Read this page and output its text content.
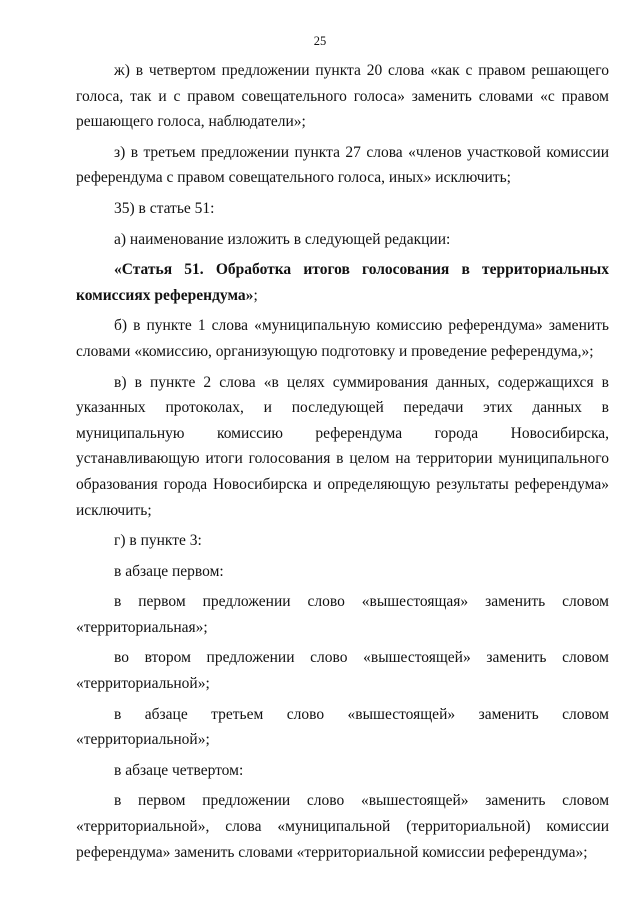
25

ж) в четвертом предложении пункта 20 слова «как с правом решающего голоса, так и с правом совещательного голоса» заменить словами «с правом решающего голоса, наблюдатели»;

з) в третьем предложении пункта 27 слова «членов участковой комиссии референдума с правом совещательного голоса, иных» исключить;

35) в статье 51:

а) наименование изложить в следующей редакции:

«Статья 51. Обработка итогов голосования в территориальных комиссиях референдума»;

б) в пункте 1 слова «муниципальную комиссию референдума» заменить словами «комиссию, организующую подготовку и проведение референдума,»;

в) в пункте 2 слова «в целях суммирования данных, содержащихся в указанных протоколах, и последующей передачи этих данных в муниципальную комиссию референдума города Новосибирска, устанавливающую итоги голосования в целом на территории муниципального образования города Новосибирска и определяющую результаты референдума» исключить;

г) в пункте 3:

в абзаце первом:

в первом предложении слово «вышестоящая» заменить словом «территориальная»;

во втором предложении слово «вышестоящей» заменить словом «территориальной»;

в абзаце третьем слово «вышестоящей» заменить словом «территориальной»;

в абзаце четвертом:

в первом предложении слово «вышестоящей» заменить словом «территориальной», слова «муниципальной (территориальной) комиссии референдума» заменить словами «территориальной комиссии референдума»;
